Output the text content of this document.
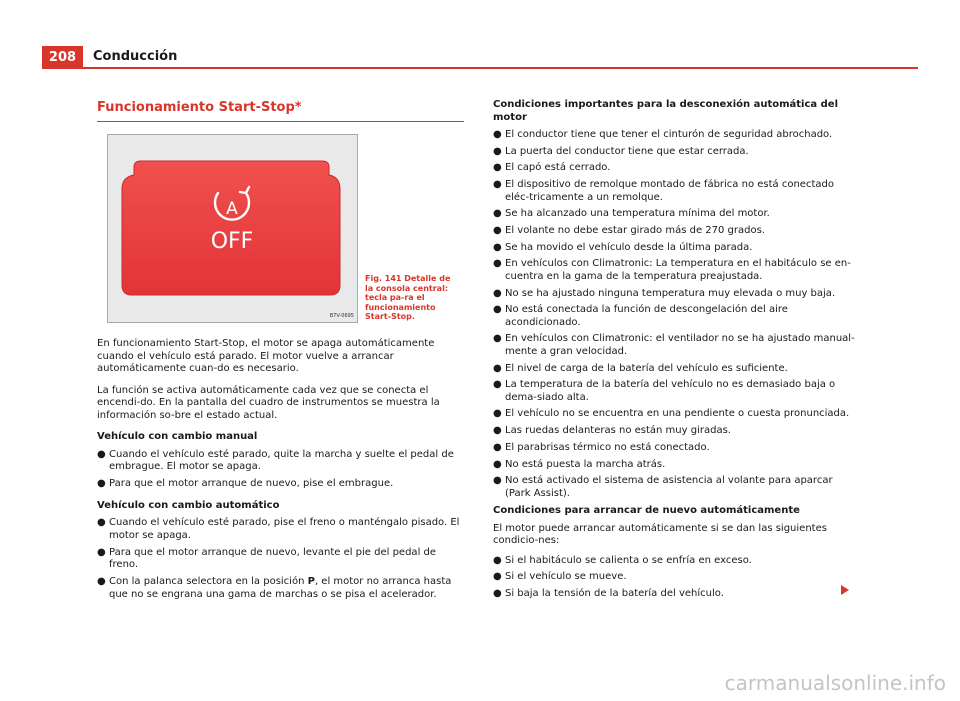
208	Conducción
Funcionamiento Start-Stop*
A
OFF
B7V-0695
Fig. 141 Detalle de la consola central: tecla pa-ra el funcionamiento Start-Stop.

En funcionamiento Start-Stop, el motor se apaga automáticamente cuando el vehículo está parado. El motor vuelve a arrancar automáticamente cuan-do es necesario.

La función se activa automáticamente cada vez que se conecta el encendi-do. En la pantalla del cuadro de instrumentos se muestra la información so-bre el estado actual.

Vehículo con cambio manual

● Cuando el vehículo esté parado, quite la marcha y suelte el pedal de embrague. El motor se apaga.

● Para que el motor arranque de nuevo, pise el embrague.

Vehículo con cambio automático

● Cuando el vehículo esté parado, pise el freno o manténgalo pisado. El motor se apaga.

● Para que el motor arranque de nuevo, levante el pie del pedal de freno.

● Con la palanca selectora en la posición P, el motor no arranca hasta que no se engrana una gama de marchas o se pisa el acelerador.

Condiciones importantes para la desconexión automática del motor

● El conductor tiene que tener el cinturón de seguridad abrochado.

● La puerta del conductor tiene que estar cerrada.

● El capó está cerrado.

● El dispositivo de remolque montado de fábrica no está conectado eléc-tricamente a un remolque.

● Se ha alcanzado una temperatura mínima del motor.

● El volante no debe estar girado más de 270 grados.

● Se ha movido el vehículo desde la última parada.

● En vehículos con Climatronic: La temperatura en el habitáculo se en-cuentra en la gama de la temperatura preajustada.

● No se ha ajustado ninguna temperatura muy elevada o muy baja.

● No está conectada la función de descongelación del aire acondicionado.

● En vehículos con Climatronic: el ventilador no se ha ajustado manual-mente a gran velocidad.

● El nivel de carga de la batería del vehículo es suficiente.

● La temperatura de la batería del vehículo no es demasiado baja o dema-siado alta.

● El vehículo no se encuentra en una pendiente o cuesta pronunciada.

● Las ruedas delanteras no están muy giradas.

● El parabrisas térmico no está conectado.

● No está puesta la marcha atrás.

● No está activado el sistema de asistencia al volante para aparcar (Park Assist).

Condiciones para arrancar de nuevo automáticamente

El motor puede arrancar automáticamente si se dan las siguientes condicio-nes:

● Si el habitáculo se calienta o se enfría en exceso.

● Si el vehículo se mueve.

● Si baja la tensión de la batería del vehículo.

carmanualsonline.info
